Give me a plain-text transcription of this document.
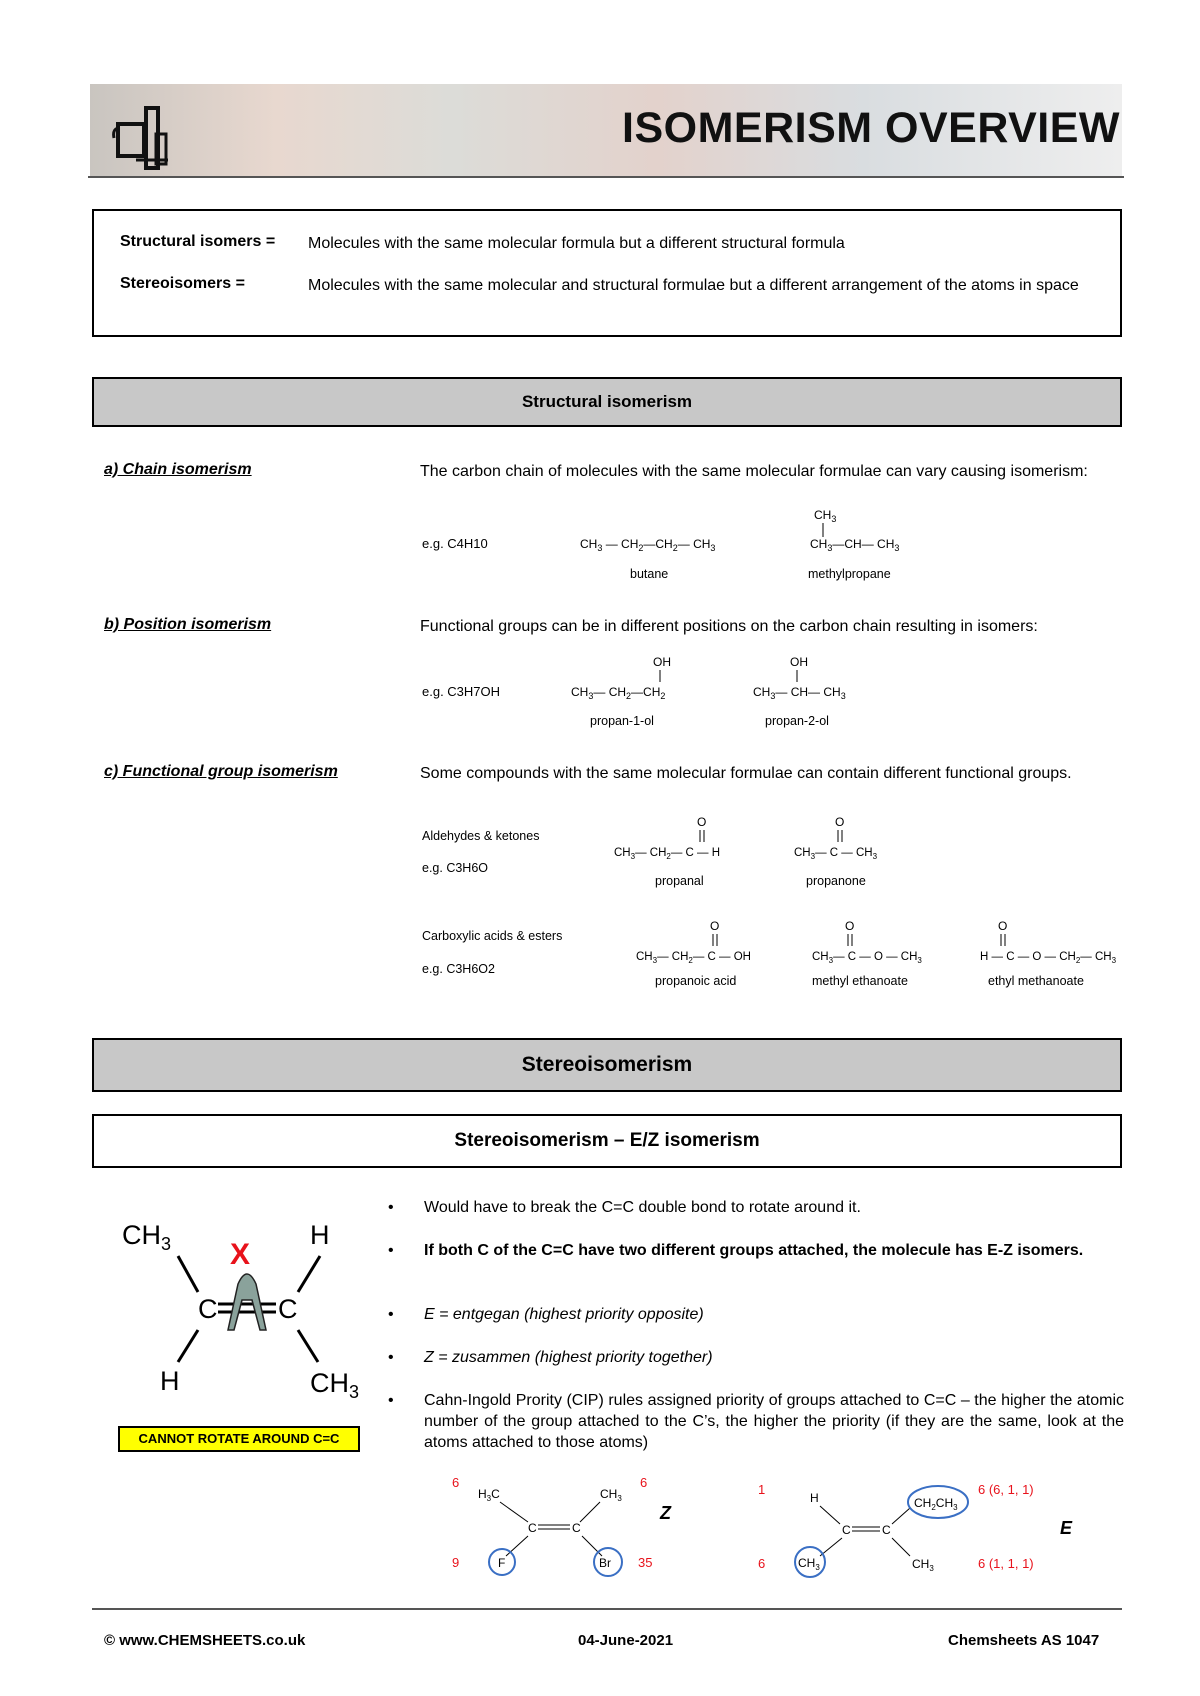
ISOMERISM OVERVIEW
Structural isomers = Molecules with the same molecular formula but a different structural formula
Stereoisomers =	Molecules with the same molecular and structural formulae but a different arrangement of the atoms in space
Structural isomerism
a) Chain isomerism	The carbon chain of molecules with the same molecular formulae can vary causing isomerism:
e.g. C4H10	$CH_3$ — $CH_2—CH_2—$ $CH_3$
$CH_3$
$CH_3—CH—$ $CH_3$
butane	methylpropane
b) Position isomerism	Functional groups can be in different positions on the carbon chain resulting in isomers:
e.g. C3H7OH
OH
$CH_3—$ $CH_2—CH_2$
OH
$CH_3—$ CH— $CH_3$
propan-1-ol	propan-2-ol
c) Functional group isomerism	Some compounds with the same molecular formulae can contain different functional groups.
Aldehydes & ketones
e.g. C3H6O
O
$CH_3—$ $CH_2—$ C — H
O
$CH_3—$ C — $CH_3$
propanal	propanone
Carboxylic acids & esters
e.g. C3H6O2
O
$CH_3—$ $CH_2—$ C — OH
O
$CH_3—$ C — O — $CH_3$
O
H — C — O — $CH_2—$ $CH_3$
propanoic acid	methyl ethanoate	ethyl methanoate
Stereoisomerism
Stereoisomerism – E/Z isomerism
$CH_3$	H
C C
X
H	$CH_3$
CANNOT ROTATE AROUND C=C
• Would have to break the C=C double bond to rotate around it.
• If both C of the C=C have two different groups attached, the molecule has E-Z isomers.
• E = entgegan (highest priority opposite)
• Z = zusammen (highest priority together)
• Cahn-Ingold Prority (CIP) rules assigned priority of groups attached to C=C – the higher the atomic number of the group attached to the C’s, the higher the priority (if they are the same, look at the atoms attached to those atoms)
$H_3C$	$CH_3$
C	C
F	Br
6	6
9	35
Z
H
C	C
$CH_2CH_3$
$CH_3$	$CH_3$
1	6 (6, 1, 1)
6	6 (1, 1, 1)
E
© www.CHEMSHEETS.co.uk	04-June-2021	Chemsheets AS 1047
